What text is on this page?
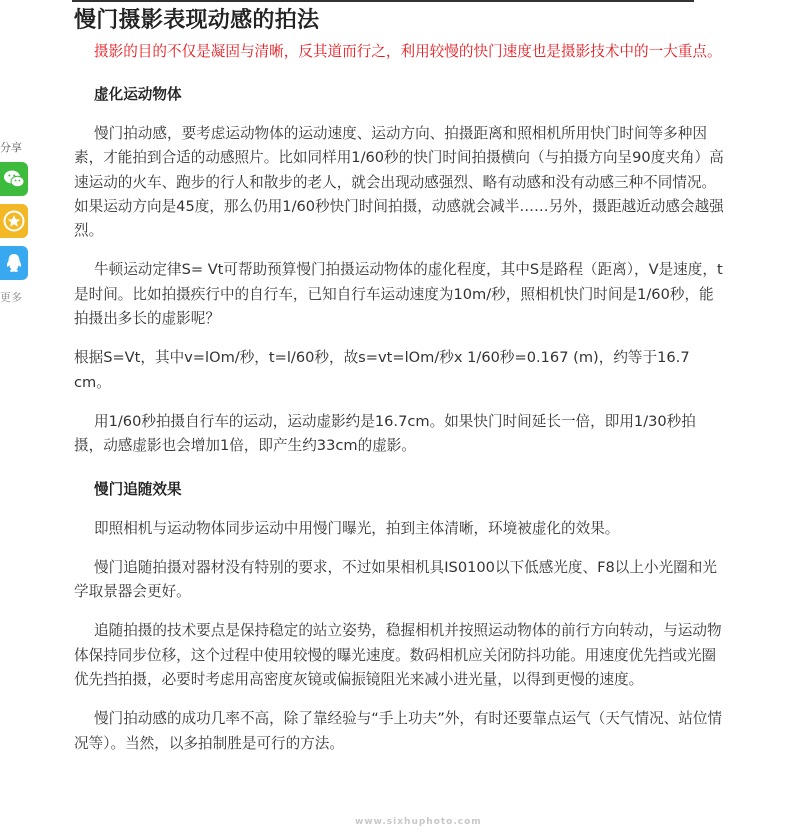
分享
更多
慢门摄影表现动感的拍法

摄影的目的不仅是凝固与清晰，反其道而行之，利用较慢的快门速度也是摄影技术中的一大重点。

虚化运动物体

慢门拍动感，要考虑运动物体的运动速度、运动方向、拍摄距离和照相机所用快门时间等多种因素，才能拍到合适的动感照片。比如同样用1/60秒的快门时间拍摄横向（与拍摄方向呈90度夹角）高速运动的火车、跑步的行人和散步的老人，就会出现动感强烈、略有动感和没有动感三种不同情况。如果运动方向是45度，那么仍用1/60秒快门时间拍摄，动感就会减半……另外，摄距越近动感会越强烈。

牛顿运动定律S= Vt可帮助预算慢门拍摄运动物体的虚化程度，其中S是路程（距离），V是速度，t是时间。比如拍摄疾行中的自行车，已知自行车运动速度为10m/秒，照相机快门时间是1/60秒，能拍摄出多长的虚影呢？

根据S=Vt，其中v=lOm/秒，t=l/60秒，故s=vt=lOm/秒x 1/60秒=0.167 (m)，约等于16.7 cm。

用1/60秒拍摄自行车的运动，运动虚影约是16.7cm。如果快门时间延长一倍，即用1/30秒拍摄，动感虚影也会增加1倍，即产生约33cm的虚影。

慢门追随效果

即照相机与运动物体同步运动中用慢门曝光，拍到主体清晰，环境被虚化的效果。

慢门追随拍摄对器材没有特别的要求，不过如果相机具IS0100以下低感光度、F8以上小光圈和光学取景器会更好。

追随拍摄的技术要点是保持稳定的站立姿势，稳握相机并按照运动物体的前行方向转动，与运动物体保持同步位移，这个过程中使用较慢的曝光速度。数码相机应关闭防抖功能。用速度优先挡或光圈优先挡拍摄，必要时考虑用高密度灰镜或偏振镜阻光来减小进光量，以得到更慢的速度。

慢门拍动感的成功几率不高，除了靠经验与“手上功夫”外，有时还要靠点运气（天气情况、站位情况等）。当然，以多拍制胜是可行的方法。

www.sixhuphoto.com
